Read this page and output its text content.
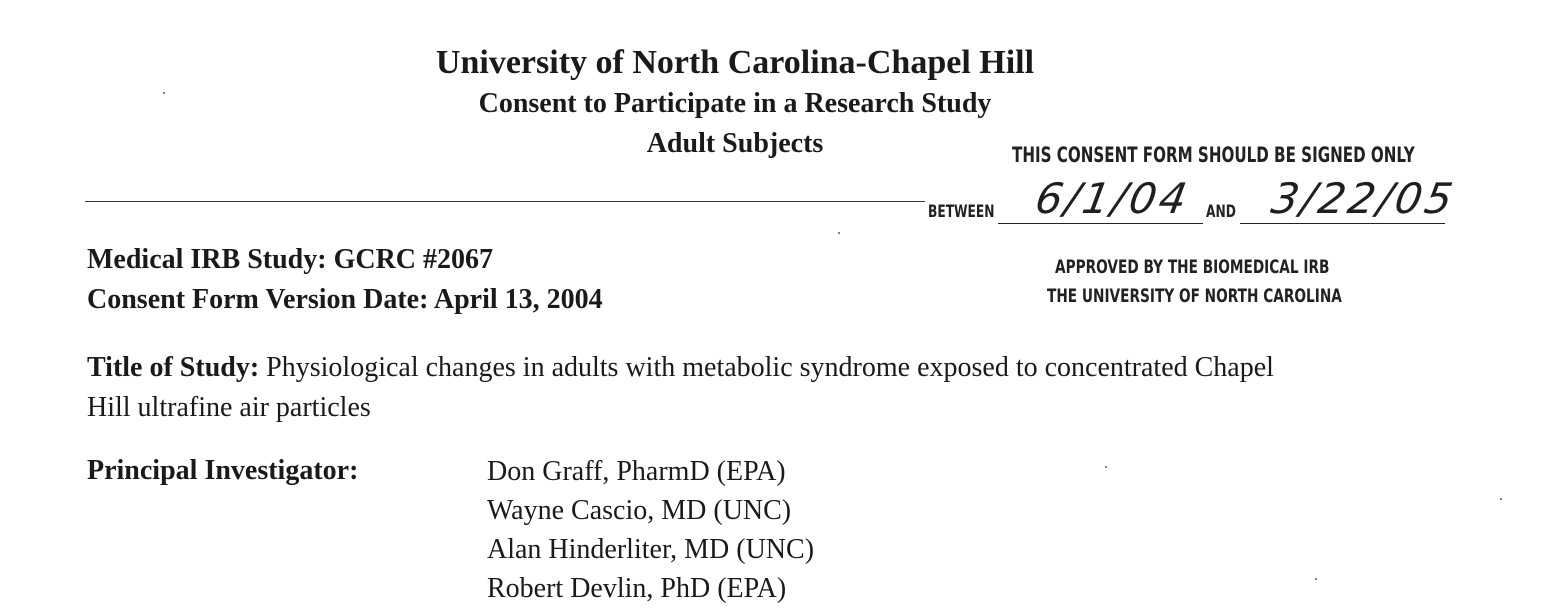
University of North Carolina-Chapel Hill
Consent to Participate in a Research Study
Adult Subjects	THIS CONSENT FORM SHOULD BE SIGNED ONLY
BETWEEN 6/1/04 AND 3/22/05
APPROVED BY THE BIOMEDICAL IRB
THE UNIVERSITY OF NORTH CAROLINA
Medical IRB Study: GCRC #2067
Consent Form Version Date: April 13, 2004
Title of Study: Physiological changes in adults with metabolic syndrome exposed to concentrated Chapel Hill ultrafine air particles
Principal Investigator:	Don Graff, PharmD (EPA)
Wayne Cascio, MD (UNC)
Alan Hinderliter, MD (UNC)
Robert Devlin, PhD (EPA)
